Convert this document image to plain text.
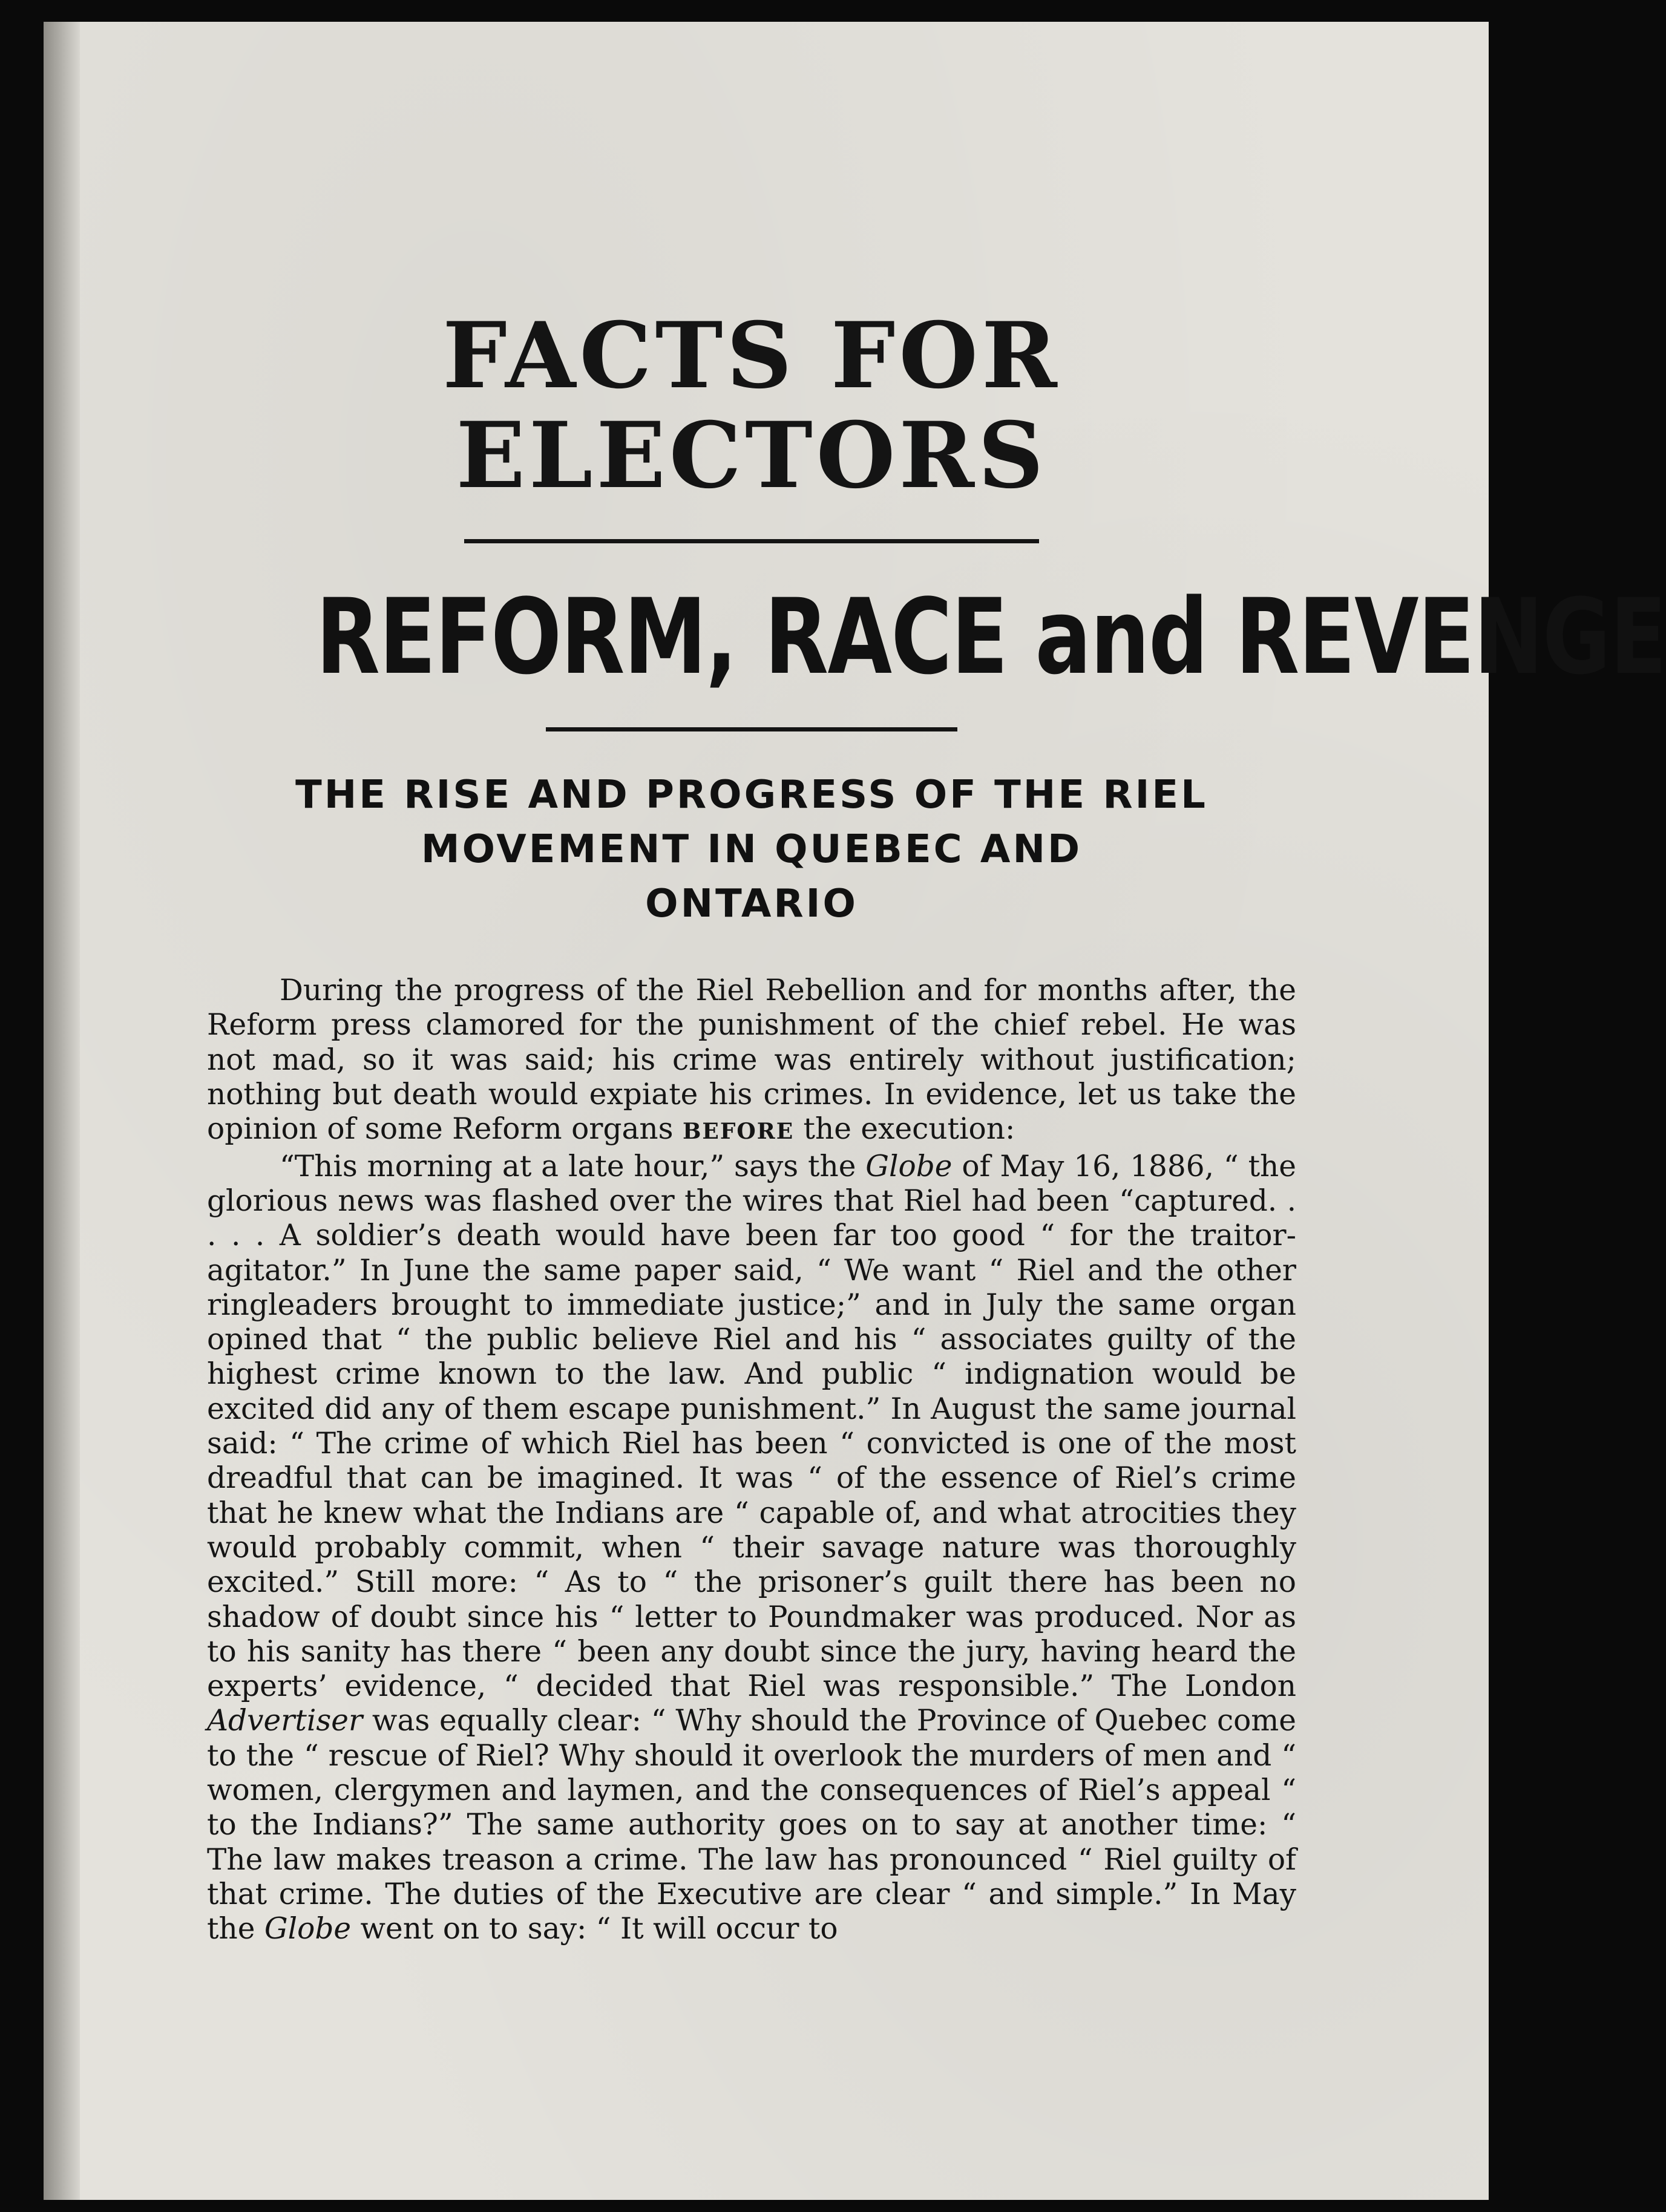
FACTS FOR ELECTORS
REFORM, RACE and REVENGE
THE RISE AND PROGRESS OF THE RIEL
MOVEMENT IN QUEBEC AND
ONTARIO

During the progress of the Riel Rebellion and for months after, the Reform press clamored for the punishment of the chief rebel. He was not mad, so it was said; his crime was entirely without justification; nothing but death would expiate his crimes. In evidence, let us take the opinion of some Reform organs BEFORE the execution:

“This morning at a late hour,” says the Globe of May 16, 1886, “ the glorious news was flashed over the wires that Riel had been “captured. . . . . A soldier’s death would have been far too good “ for the traitor-agitator.” In June the same paper said, “ We want “ Riel and the other ringleaders brought to immediate justice;” and in July the same organ opined that “ the public believe Riel and his “ associates guilty of the highest crime known to the law. And public “ indignation would be excited did any of them escape punishment.” In August the same journal said: “ The crime of which Riel has been “ convicted is one of the most dreadful that can be imagined. It was “ of the essence of Riel’s crime that he knew what the Indians are “ capable of, and what atrocities they would probably commit, when “ their savage nature was thoroughly excited.” Still more: “ As to “ the prisoner’s guilt there has been no shadow of doubt since his “ letter to Poundmaker was produced. Nor as to his sanity has there “ been any doubt since the jury, having heard the experts’ evidence, “ decided that Riel was responsible.” The London Advertiser was equally clear: “ Why should the Province of Quebec come to the “ rescue of Riel? Why should it overlook the murders of men and “ women, clergymen and laymen, and the consequences of Riel’s appeal “ to the Indians?” The same authority goes on to say at another time: “ The law makes treason a crime. The law has pronounced “ Riel guilty of that crime. The duties of the Executive are clear “ and simple.” In May the Globe went on to say: “ It will occur to
